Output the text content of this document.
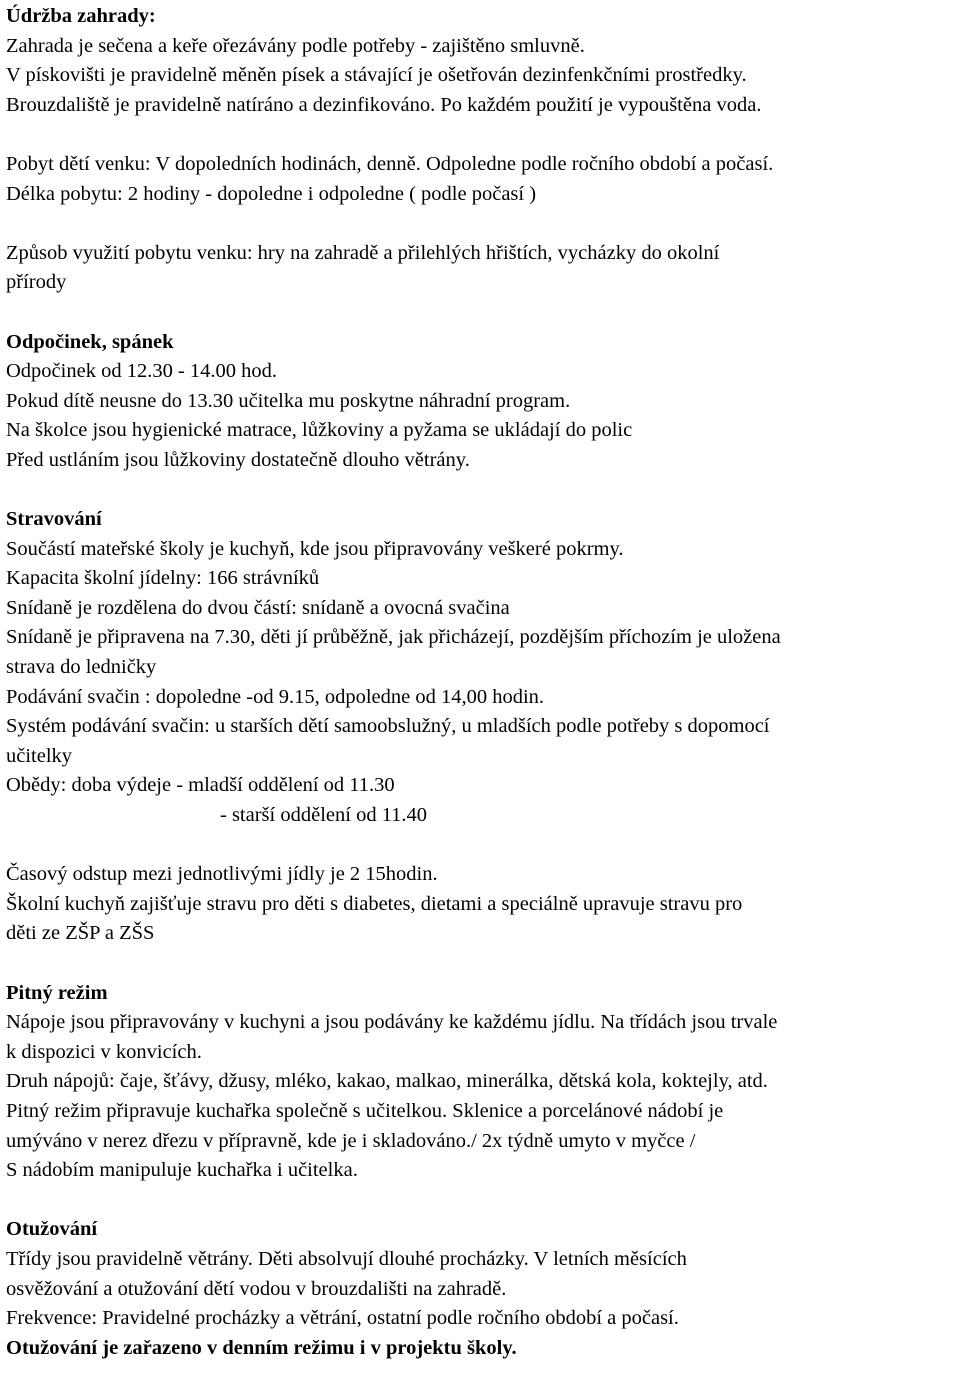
Údržba zahrady:
Zahrada je sečena a keře ořezávány podle potřeby - zajištěno smluvně.
V pískovišti je pravidelně měněn písek a stávající je ošetřován dezinfenkčními prostředky.
Brouzdaliště je pravidelně natíráno a dezinfikováno. Po každém použití je vypouštěna voda.
Pobyt dětí venku: V dopoledních hodinách, denně. Odpoledne podle ročního období a počasí.
Délka pobytu: 2 hodiny - dopoledne i odpoledne ( podle počasí )
Způsob využití pobytu venku: hry na zahradě a přilehlých hřištích, vycházky do okolní
přírody
Odpočinek, spánek
Odpočinek od 12.30 - 14.00 hod.
Pokud dítě neusne do 13.30 učitelka mu poskytne náhradní program.
Na školce jsou hygienické matrace, lůžkoviny a pyžama se ukládají do polic
Před ustláním jsou lůžkoviny dostatečně dlouho větrány.
Stravování
Součástí mateřské školy je kuchyň, kde jsou připravovány veškeré pokrmy.
Kapacita školní jídelny: 166 strávníků
Snídaně je rozdělena do dvou částí: snídaně a ovocná svačina
Snídaně je připravena na 7.30, děti jí průběžně, jak přicházejí, pozdějším příchozím je uložena
strava do ledničky
Podávání svačin : dopoledne -od 9.15, odpoledne od 14,00 hodin.
Systém podávání svačin: u starších dětí samoobslužný, u mladších podle potřeby s dopomocí
učitelky
Obědy: doba výdeje - mladší oddělení od 11.30
- starší oddělení od 11.40
Časový odstup mezi jednotlivými jídly je 2 15hodin.
Školní kuchyň zajišťuje stravu pro děti s diabetes, dietami a speciálně upravuje stravu pro
děti ze ZŠP a ZŠS
Pitný režim
Nápoje jsou připravovány v kuchyni a jsou podávány ke každému jídlu. Na třídách jsou trvale
k dispozici v konvicích.
Druh nápojů: čaje, šťávy, džusy, mléko, kakao, malkao, minerálka, dětská kola, koktejly, atd.
Pitný režim připravuje kuchařka společně s učitelkou. Sklenice a porcelánové nádobí je
umýváno v nerez dřezu v přípravně, kde je i skladováno./ 2x týdně umyto v myčce /
S nádobím manipuluje kuchařka i učitelka.
Otužování
Třídy jsou pravidelně větrány. Děti absolvují dlouhé procházky. V letních měsících
osvěžování a otužování dětí vodou v brouzdališti na zahradě.
Frekvence: Pravidelné procházky a větrání, ostatní podle ročního období a počasí.
Otužování je zařazeno v denním režimu i v projektu školy.
